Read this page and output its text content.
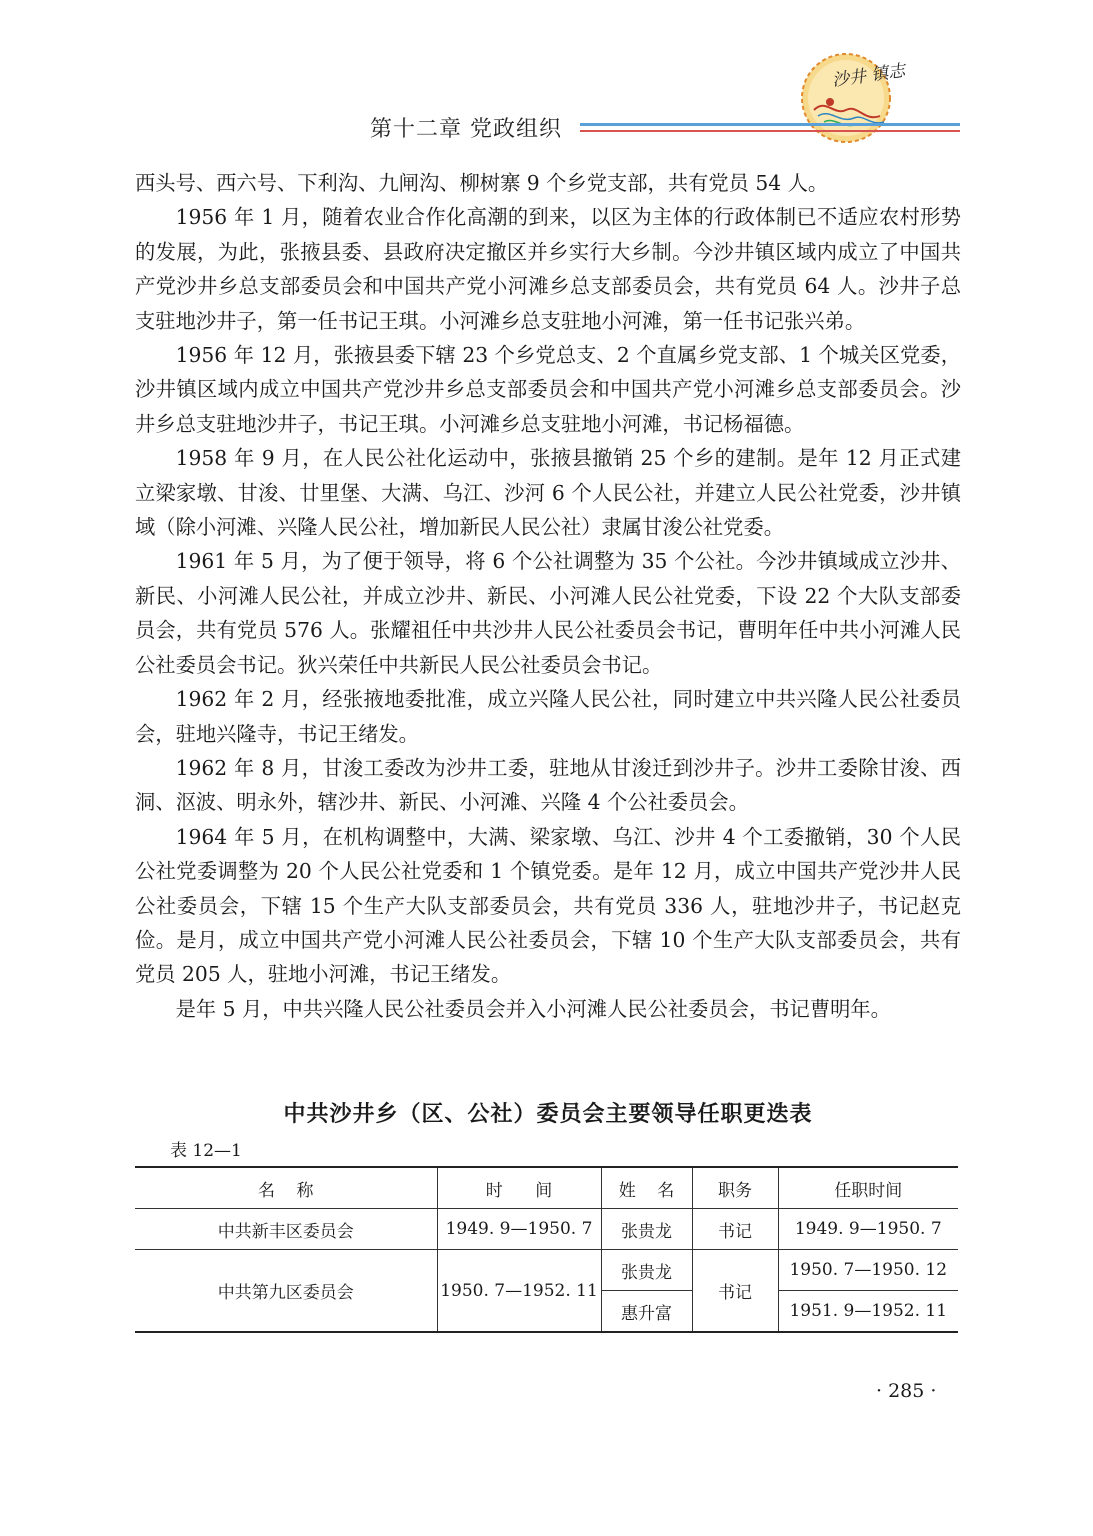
沙井 镇志
第十二章 党政组织

西头号、西六号、下利沟、九闸沟、柳树寨 9 个乡党支部，共有党员 54 人。

1956 年 1 月，随着农业合作化高潮的到来，以区为主体的行政体制已不适应农村形势的发展，为此，张掖县委、县政府决定撤区并乡实行大乡制。今沙井镇区域内成立了中国共产党沙井乡总支部委员会和中国共产党小河滩乡总支部委员会，共有党员 64 人。沙井子总支驻地沙井子，第一任书记王琪。小河滩乡总支驻地小河滩，第一任书记张兴弟。

1956 年 12 月，张掖县委下辖 23 个乡党总支、2 个直属乡党支部、1 个城关区党委，沙井镇区域内成立中国共产党沙井乡总支部委员会和中国共产党小河滩乡总支部委员会。沙井乡总支驻地沙井子，书记王琪。小河滩乡总支驻地小河滩，书记杨福德。

1958 年 9 月，在人民公社化运动中，张掖县撤销 25 个乡的建制。是年 12 月正式建立梁家墩、甘浚、廿里堡、大满、乌江、沙河 6 个人民公社，并建立人民公社党委，沙井镇域（除小河滩、兴隆人民公社，增加新民人民公社）隶属甘浚公社党委。

1961 年 5 月，为了便于领导，将 6 个公社调整为 35 个公社。今沙井镇域成立沙井、新民、小河滩人民公社，并成立沙井、新民、小河滩人民公社党委，下设 22 个大队支部委员会，共有党员 576 人。张耀祖任中共沙井人民公社委员会书记，曹明年任中共小河滩人民公社委员会书记。狄兴荣任中共新民人民公社委员会书记。

1962 年 2 月，经张掖地委批准，成立兴隆人民公社，同时建立中共兴隆人民公社委员会，驻地兴隆寺，书记王绪发。

1962 年 8 月，甘浚工委改为沙井工委，驻地从甘浚迁到沙井子。沙井工委除甘浚、西洞、沤波、明永外，辖沙井、新民、小河滩、兴隆 4 个公社委员会。

1964 年 5 月，在机构调整中，大满、梁家墩、乌江、沙井 4 个工委撤销，30 个人民公社党委调整为 20 个人民公社党委和 1 个镇党委。是年 12 月，成立中国共产党沙井人民公社委员会，下辖 15 个生产大队支部委员会，共有党员 336 人，驻地沙井子，书记赵克俭。是月，成立中国共产党小河滩人民公社委员会，下辖 10 个生产大队支部委员会，共有党员 205 人，驻地小河滩，书记王绪发。

是年 5 月，中共兴隆人民公社委员会并入小河滩人民公社委员会，书记曹明年。

中共沙井乡（区、公社）委员会主要领导任职更迭表
表 12—1
名    称	时      间	姓    名	职务	任职时间
中共新丰区委员会	1949. 9—1950. 7	张贵龙	书记	1949. 9—1950. 7
中共第九区委员会	1950. 7—1952. 11	张贵龙	书记	1950. 7—1950. 12
		惠升富		1951. 9—1952. 11
· 285 ·
